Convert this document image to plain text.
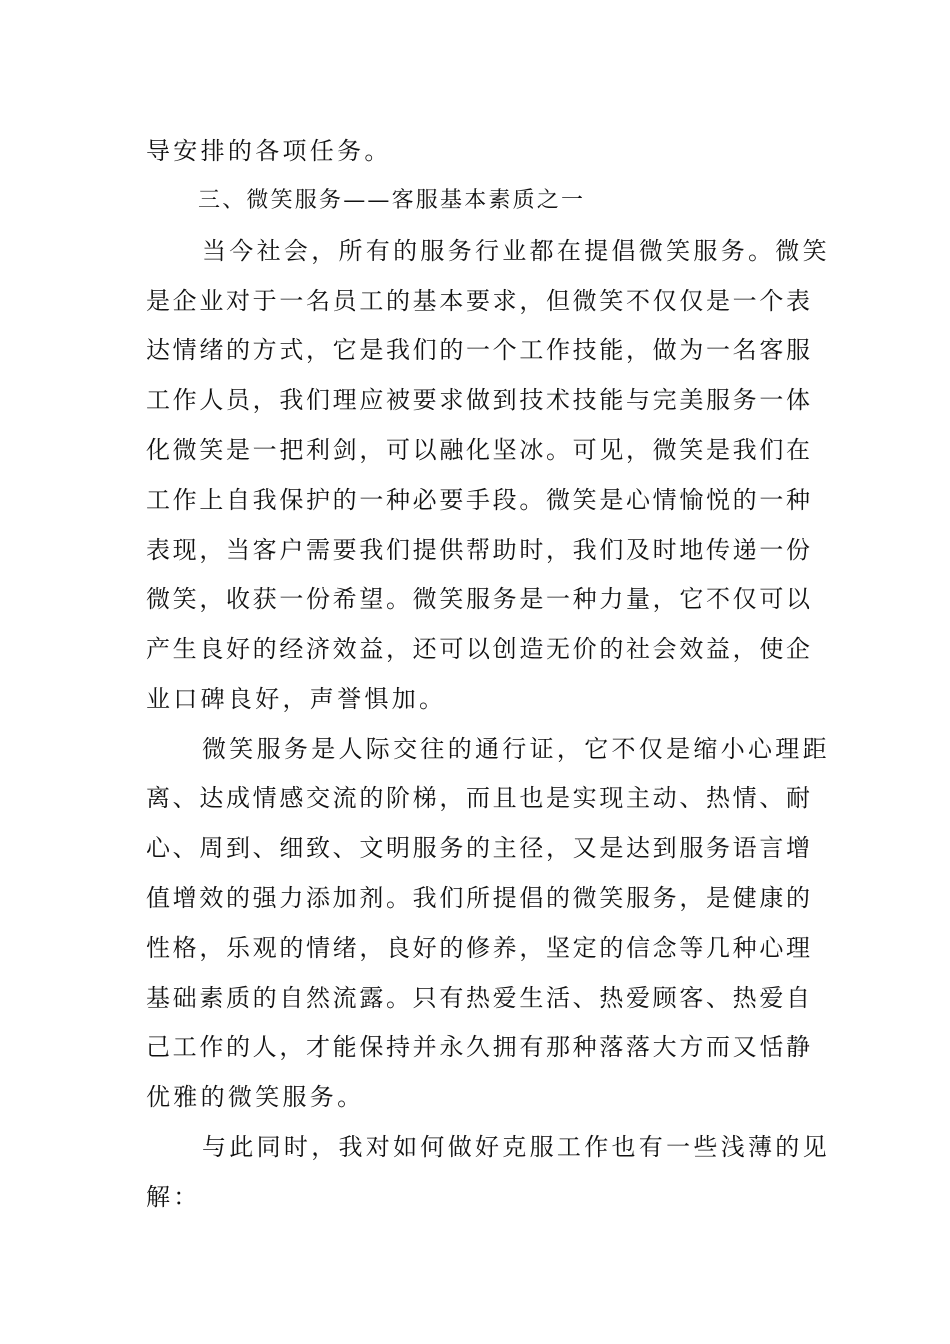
导安排的各项任务。
三、微笑服务——客服基本素质之一
当今社会，所有的服务行业都在提倡微笑服务。微笑
是企业对于一名员工的基本要求，但微笑不仅仅是一个表
达情绪的方式，它是我们的一个工作技能，做为一名客服
工作人员，我们理应被要求做到技术技能与完美服务一体
化微笑是一把利剑，可以融化坚冰。可见，微笑是我们在
工作上自我保护的一种必要手段。微笑是心情愉悦的一种
表现，当客户需要我们提供帮助时，我们及时地传递一份
微笑，收获一份希望。微笑服务是一种力量，它不仅可以
产生良好的经济效益，还可以创造无价的社会效益，使企
业口碑良好，声誉惧加。
微笑服务是人际交往的通行证，它不仅是缩小心理距
离、达成情感交流的阶梯，而且也是实现主动、热情、耐
心、周到、细致、文明服务的主径，又是达到服务语言增
值增效的强力添加剂。我们所提倡的微笑服务，是健康的
性格，乐观的情绪，良好的修养，坚定的信念等几种心理
基础素质的自然流露。只有热爱生活、热爱顾客、热爱自
己工作的人，才能保持并永久拥有那种落落大方而又恬静
优雅的微笑服务。
与此同时，我对如何做好克服工作也有一些浅薄的见
解：
